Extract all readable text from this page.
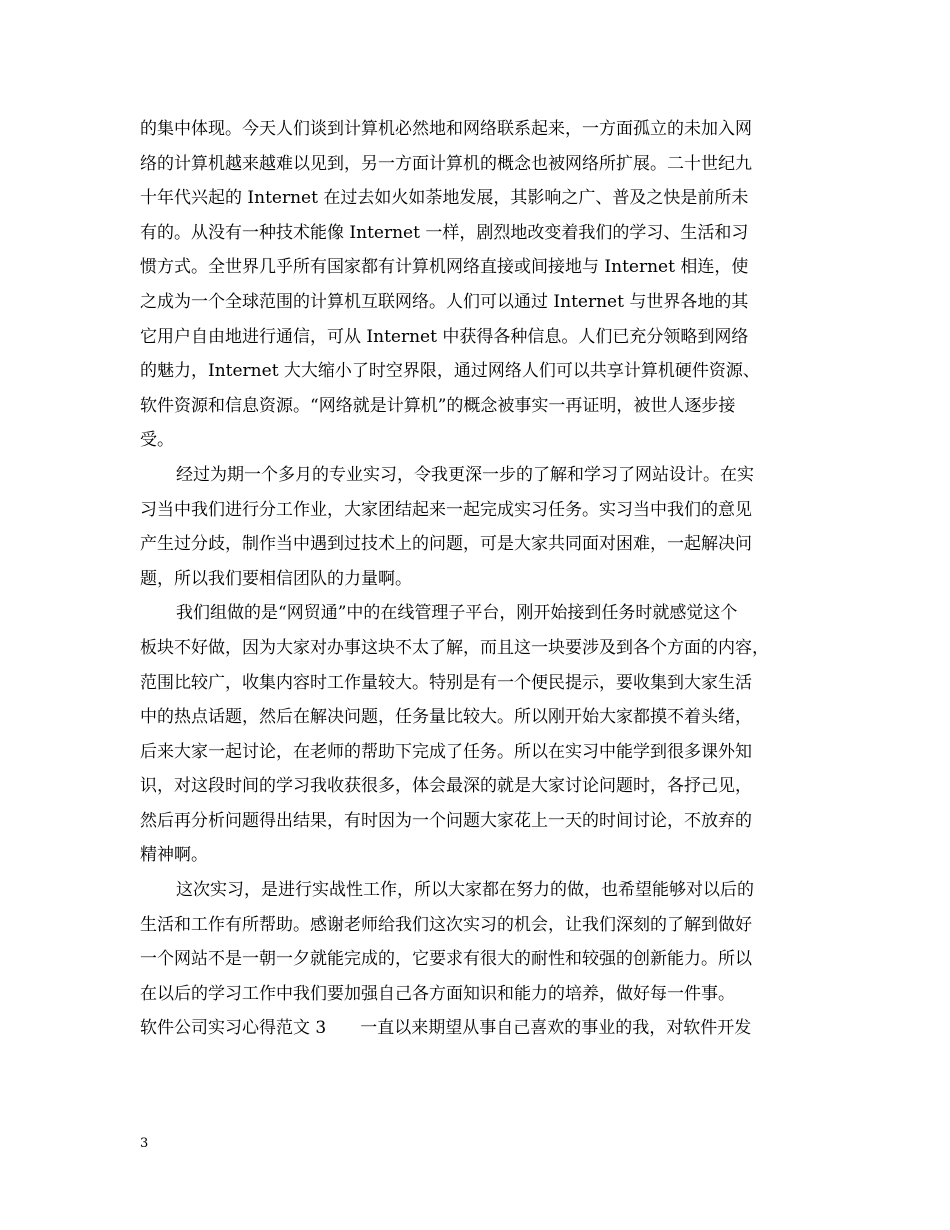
的集中体现。今天人们谈到计算机必然地和网络联系起来，一方面孤立的未加入网
络的计算机越来越难以见到，另一方面计算机的概念也被网络所扩展。二十世纪九
十年代兴起的 Internet 在过去如火如荼地发展，其影响之广、普及之快是前所未
有的。从没有一种技术能像 Internet 一样，剧烈地改变着我们的学习、生活和习
惯方式。全世界几乎所有国家都有计算机网络直接或间接地与 Internet 相连，使
之成为一个全球范围的计算机互联网络。人们可以通过 Internet 与世界各地的其
它用户自由地进行通信，可从 Internet 中获得各种信息。人们已充分领略到网络
的魅力，Internet 大大缩小了时空界限，通过网络人们可以共享计算机硬件资源、
软件资源和信息资源。“网络就是计算机”的概念被事实一再证明，被世人逐步接
受。
经过为期一个多月的专业实习，令我更深一步的了解和学习了网站设计。在实
习当中我们进行分工作业，大家团结起来一起完成实习任务。实习当中我们的意见
产生过分歧，制作当中遇到过技术上的问题，可是大家共同面对困难，一起解决问
题，所以我们要相信团队的力量啊。
我们组做的是“网贸通”中的在线管理子平台，刚开始接到任务时就感觉这个
板块不好做，因为大家对办事这块不太了解，而且这一块要涉及到各个方面的内容，
范围比较广，收集内容时工作量较大。特别是有一个便民提示，要收集到大家生活
中的热点话题，然后在解决问题，任务量比较大。所以刚开始大家都摸不着头绪，
后来大家一起讨论，在老师的帮助下完成了任务。所以在实习中能学到很多课外知
识，对这段时间的学习我收获很多，体会最深的就是大家讨论问题时，各抒己见，
然后再分析问题得出结果，有时因为一个问题大家花上一天的时间讨论，不放弃的
精神啊。
这次实习，是进行实战性工作，所以大家都在努力的做，也希望能够对以后的
生活和工作有所帮助。感谢老师给我们这次实习的机会，让我们深刻的了解到做好
一个网站不是一朝一夕就能完成的，它要求有很大的耐性和较强的创新能力。所以
在以后的学习工作中我们要加强自己各方面知识和能力的培养，做好每一件事。
软件公司实习心得范文 3　　一直以来期望从事自己喜欢的事业的我，对软件开发
3
